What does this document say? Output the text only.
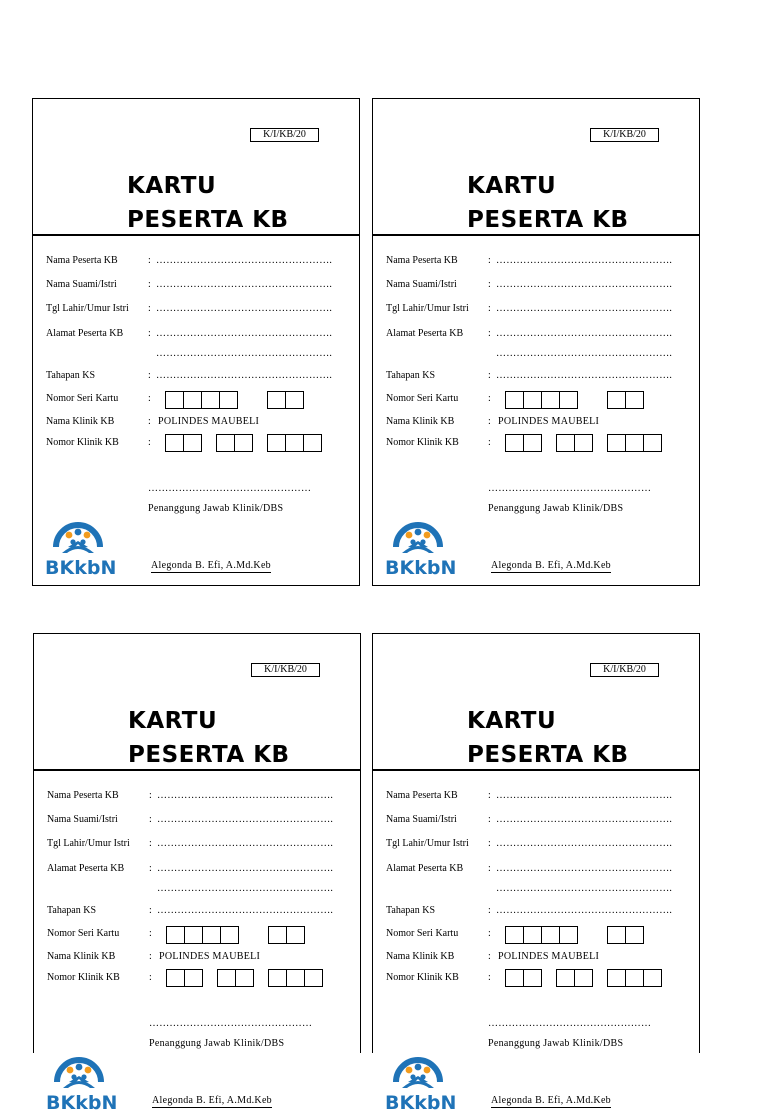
K/I/KB/20
KARTU
PESERTA KB
Nama Peserta KB	: …………………………………………….
Nama Suami/Istri	: …………………………………………….
Tgl Lahir/Umur Istri : …………………………………………….
Alamat Peserta KB : …………………………………………….
…………………………………………….
Tahapan KS	: …………………………………………….
Nomor Seri Kartu	:
Nama Klinik KB	: POLINDES MAUBELI
Nomor Klinik KB	:
…………………………………………
Penanggung Jawab Klinik/DBS
BKkbN	Alegonda B. Efi, A.Md.Keb
K/I/KB/20
KARTU
PESERTA KB
Nama Peserta KB	: …………………………………………….
Nama Suami/Istri	: …………………………………………….
Tgl Lahir/Umur Istri : …………………………………………….
Alamat Peserta KB : …………………………………………….
…………………………………………….
Tahapan KS	: …………………………………………….
Nomor Seri Kartu	:
Nama Klinik KB	: POLINDES MAUBELI
Nomor Klinik KB	:
…………………………………………
Penanggung Jawab Klinik/DBS
BKkbN	Alegonda B. Efi, A.Md.Keb
K/I/KB/20
KARTU
PESERTA KB
Nama Peserta KB	: …………………………………………….
Nama Suami/Istri	: …………………………………………….
Tgl Lahir/Umur Istri : …………………………………………….
Alamat Peserta KB : …………………………………………….
…………………………………………….
Tahapan KS	: …………………………………………….
Nomor Seri Kartu	:
Nama Klinik KB	: POLINDES MAUBELI
Nomor Klinik KB	:
…………………………………………
Penanggung Jawab Klinik/DBS
BKkbN	Alegonda B. Efi, A.Md.Keb
K/I/KB/20
KARTU
PESERTA KB
Nama Peserta KB	: …………………………………………….
Nama Suami/Istri	: …………………………………………….
Tgl Lahir/Umur Istri : …………………………………………….
Alamat Peserta KB : …………………………………………….
…………………………………………….
Tahapan KS	: …………………………………………….
Nomor Seri Kartu	:
Nama Klinik KB	: POLINDES MAUBELI
Nomor Klinik KB	:
…………………………………………
Penanggung Jawab Klinik/DBS
BKkbN	Alegonda B. Efi, A.Md.Keb
